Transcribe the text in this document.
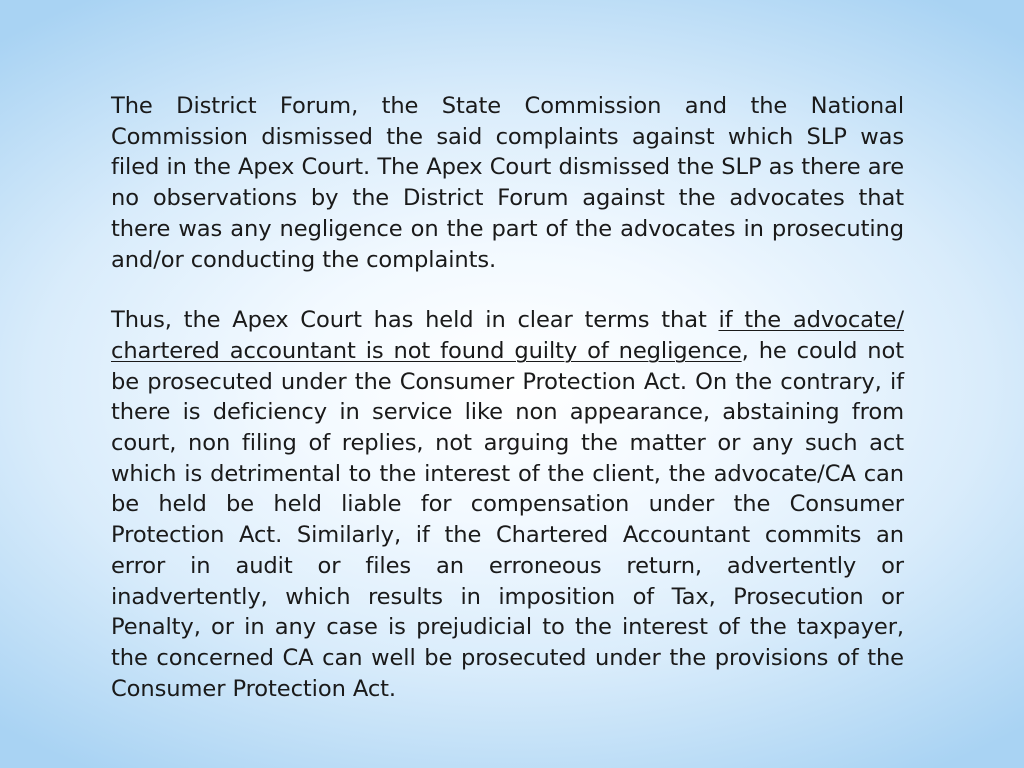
The District Forum, the State Commission and the National Commission dismissed the said complaints against which SLP was filed in the Apex Court. The Apex Court dismissed the SLP as there are no observations by the District Forum against the advocates that there was any negligence on the part of the advocates in prosecuting and/or conducting the complaints.

Thus, the Apex Court has held in clear terms that if the advocate/ chartered accountant is not found guilty of negligence, he could not be prosecuted under the Consumer Protection Act. On the contrary, if there is deficiency in service like non appearance, abstaining from court, non filing of replies, not arguing the matter or any such act which is detrimental to the interest of the client, the advocate/CA can be held be held liable for compensation under the Consumer Protection Act. Similarly, if the Chartered Accountant commits an error in audit or files an erroneous return, advertently or inadvertently, which results in imposition of Tax, Prosecution or Penalty, or in any case is prejudicial to the interest of the taxpayer, the concerned CA can well be prosecuted under the provisions of the Consumer Protection Act.
